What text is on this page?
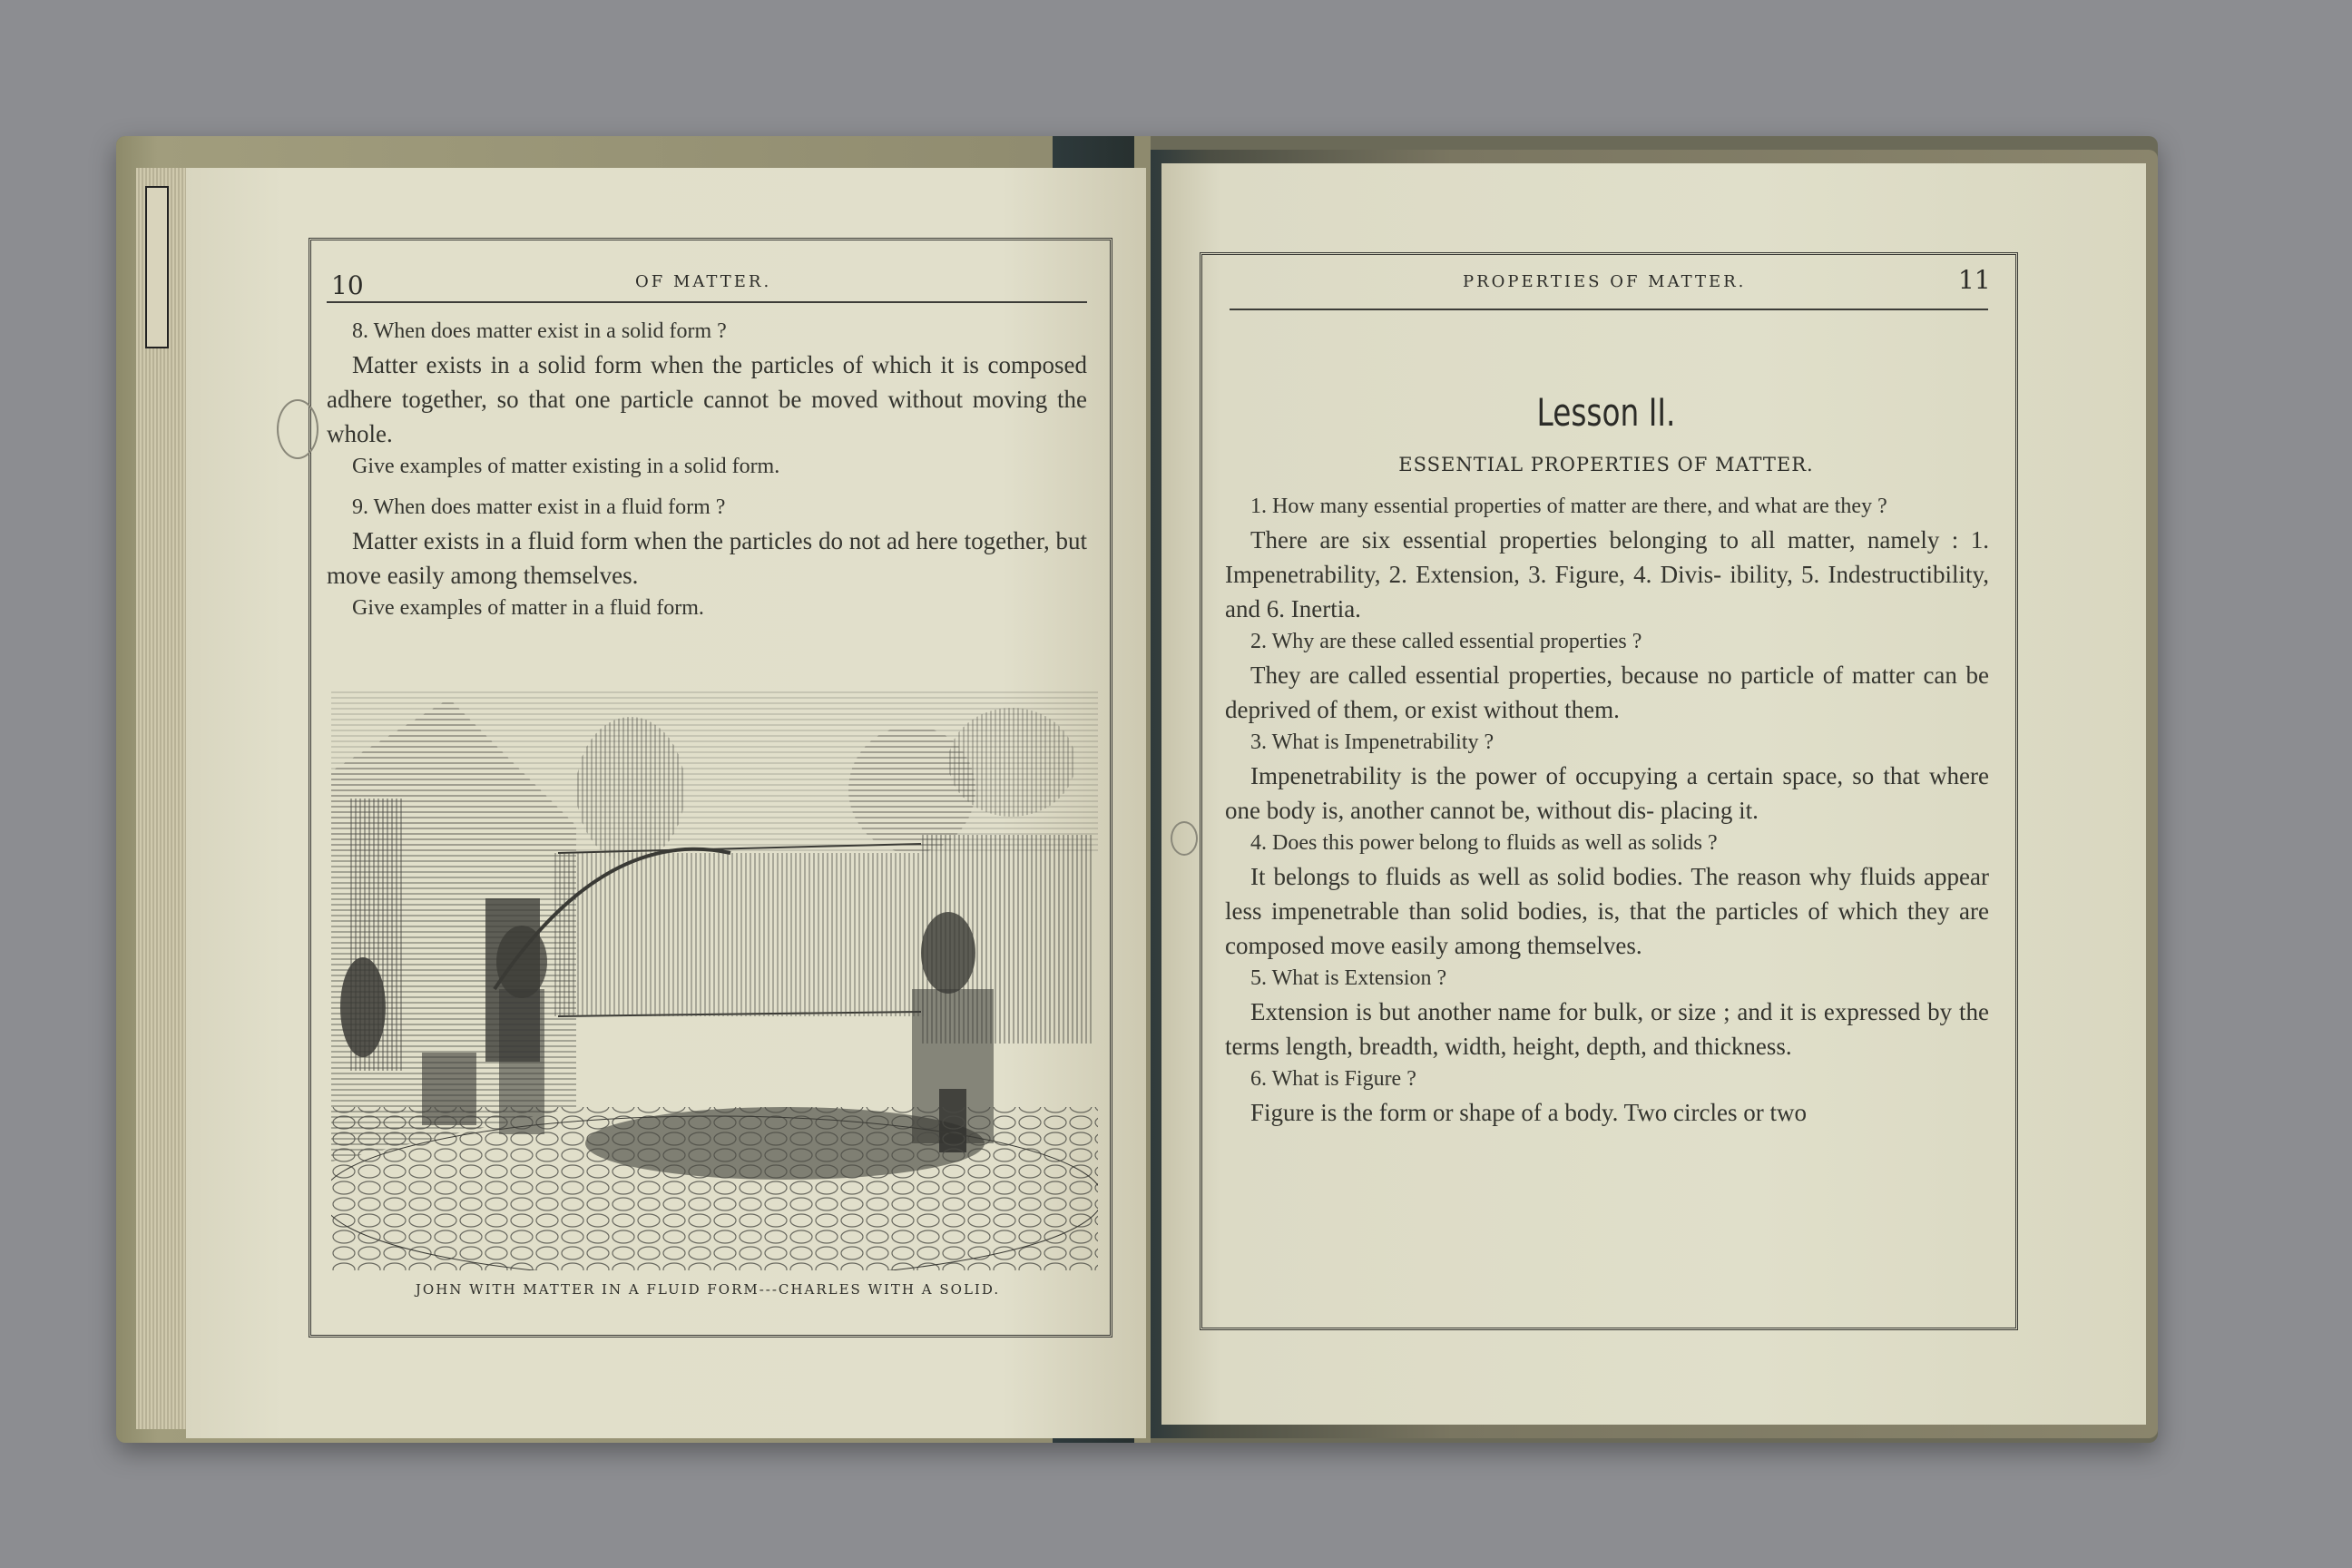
10	OF MATTER.

8. When does matter exist in a solid form ?

Matter exists in a solid form when the particles of which it is composed adhere together, so that one particle cannot be moved without moving the whole.

Give examples of matter existing in a solid form.

9. When does matter exist in a fluid form ?

Matter exists in a fluid form when the particles do not ad here together, but move easily among themselves.

Give examples of matter in a fluid form.

JOHN WITH MATTER IN A FLUID FORM---CHARLES WITH A SOLID.
PROPERTIES OF MATTER.	11
Lesson II.
ESSENTIAL PROPERTIES OF MATTER.

1. How many essential properties of matter are there, and what are they ?

There are six essential properties belonging to all matter, namely : 1. Impenetrability, 2. Extension, 3. Figure, 4. Divis- ibility, 5. Indestructibility, and 6. Inertia.

2. Why are these called essential properties ?

They are called essential properties, because no particle of matter can be deprived of them, or exist without them.

3. What is Impenetrability ?

Impenetrability is the power of occupying a certain space, so that where one body is, another cannot be, without dis- placing it.

4. Does this power belong to fluids as well as solids ?

It belongs to fluids as well as solid bodies. The reason why fluids appear less impenetrable than solid bodies, is, that the particles of which they are composed move easily among themselves.

5. What is Extension ?

Extension is but another name for bulk, or size ; and it is expressed by the terms length, breadth, width, height, depth, and thickness.

6. What is Figure ?

Figure is the form or shape of a body. Two circles or two
